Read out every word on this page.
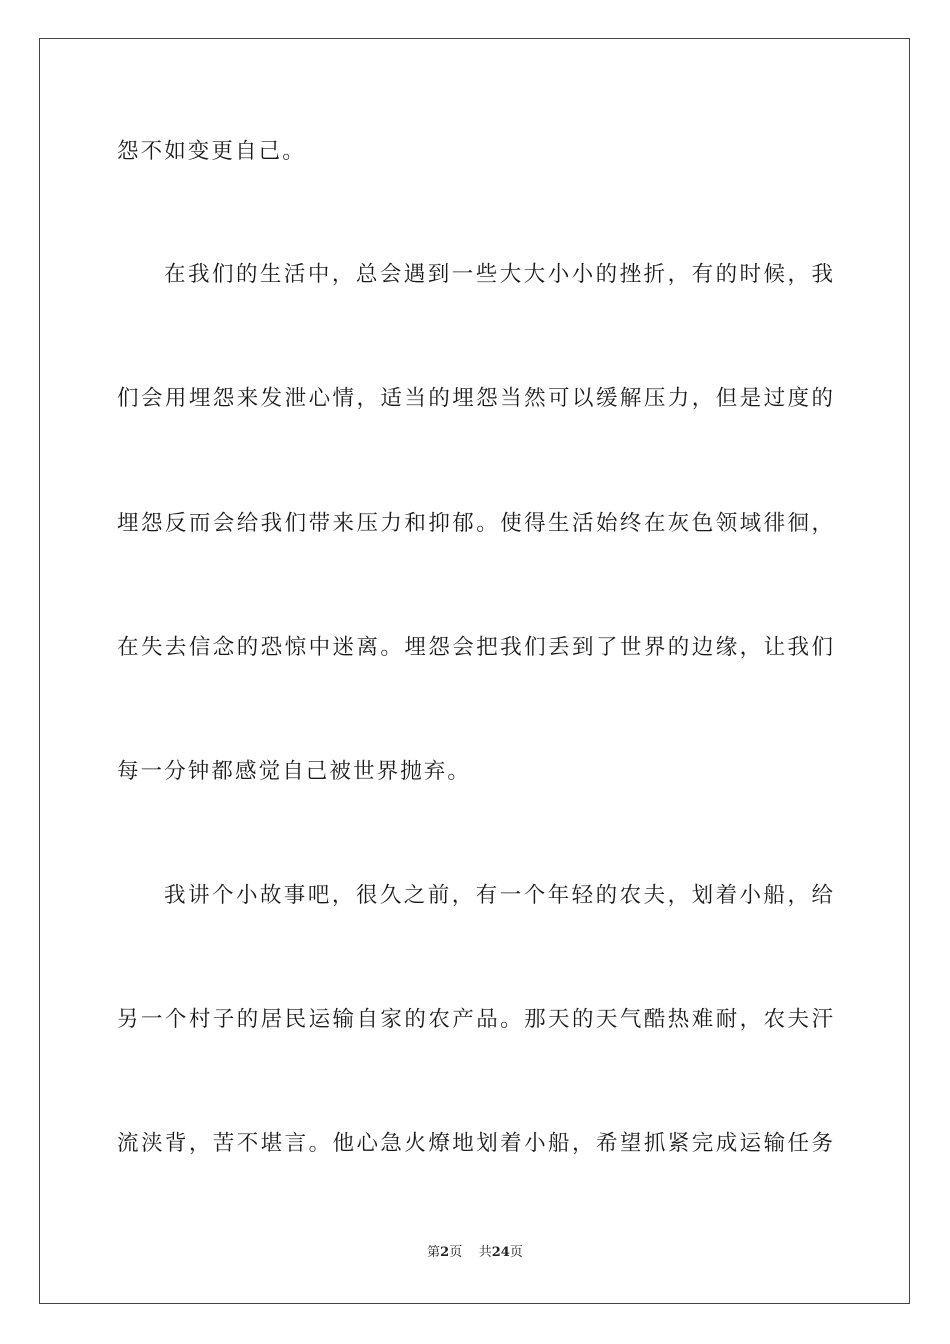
怨不如变更自己。
在我们的生活中，总会遇到一些大大小小的挫折，有的时候，我
们会用埋怨来发泄心情，适当的埋怨当然可以缓解压力，但是过度的
埋怨反而会给我们带来压力和抑郁。使得生活始终在灰色领域徘徊，
在失去信念的恐惊中迷离。埋怨会把我们丢到了世界的边缘，让我们
每一分钟都感觉自己被世界抛弃。
我讲个小故事吧，很久之前，有一个年轻的农夫，划着小船，给
另一个村子的居民运输自家的农产品。那天的天气酷热难耐，农夫汗
流浃背，苦不堪言。他心急火燎地划着小船，希望抓紧完成运输任务
第2页 共24页
